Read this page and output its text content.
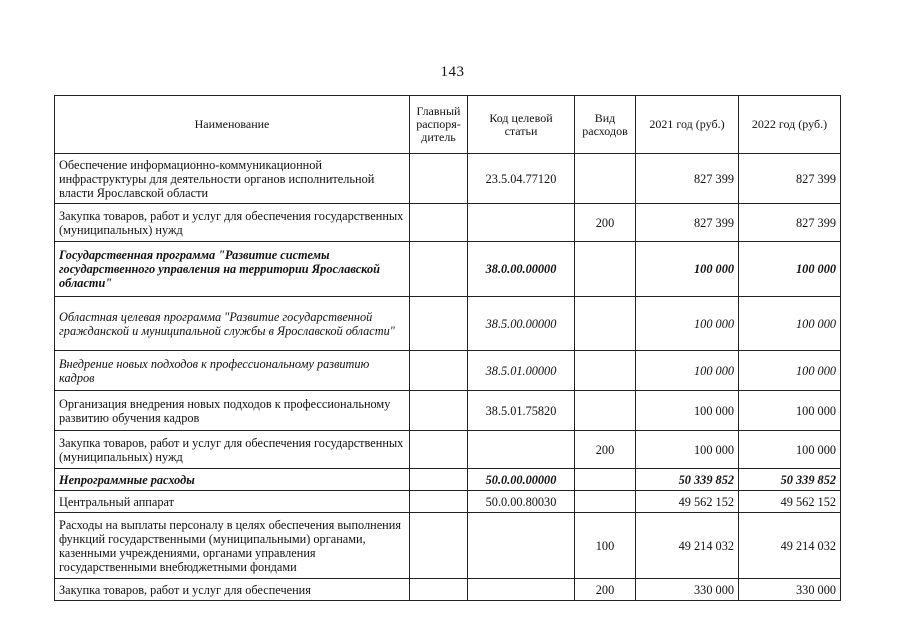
143
Наименование	Главный распоря- дитель	Код целевой статьи	Вид расходов	2021 год (руб.)	2022 год (руб.)
Обеспечение информационно-коммуникационной инфраструктуры для деятельности органов исполнительной власти Ярославской области		23.5.04.77120		827 399	827 399
Закупка товаров, работ и услуг для обеспечения государственных (муниципальных) нужд			200	827 399	827 399
Государственная программа "Развитие системы государственного управления на территории Ярославской области"		38.0.00.00000		100 000	100 000
Областная целевая программа "Развитие государственной гражданской и муниципальной службы в Ярославской области"		38.5.00.00000		100 000	100 000
Внедрение новых подходов к профессиональному развитию кадров		38.5.01.00000		100 000	100 000
Организация внедрения новых подходов к профессиональному развитию обучения кадров		38.5.01.75820		100 000	100 000
Закупка товаров, работ и услуг для обеспечения государственных (муниципальных) нужд			200	100 000	100 000
Непрограммные расходы		50.0.00.00000		50 339 852	50 339 852
Центральный аппарат		50.0.00.80030		49 562 152	49 562 152
Расходы на выплаты персоналу в целях обеспечения выполнения функций государственными (муниципальными) органами, казенными учреждениями, органами управления государственными внебюджетными фондами			100	49 214 032	49 214 032
Закупка товаров, работ и услуг для обеспечения			200	330 000	330 000
